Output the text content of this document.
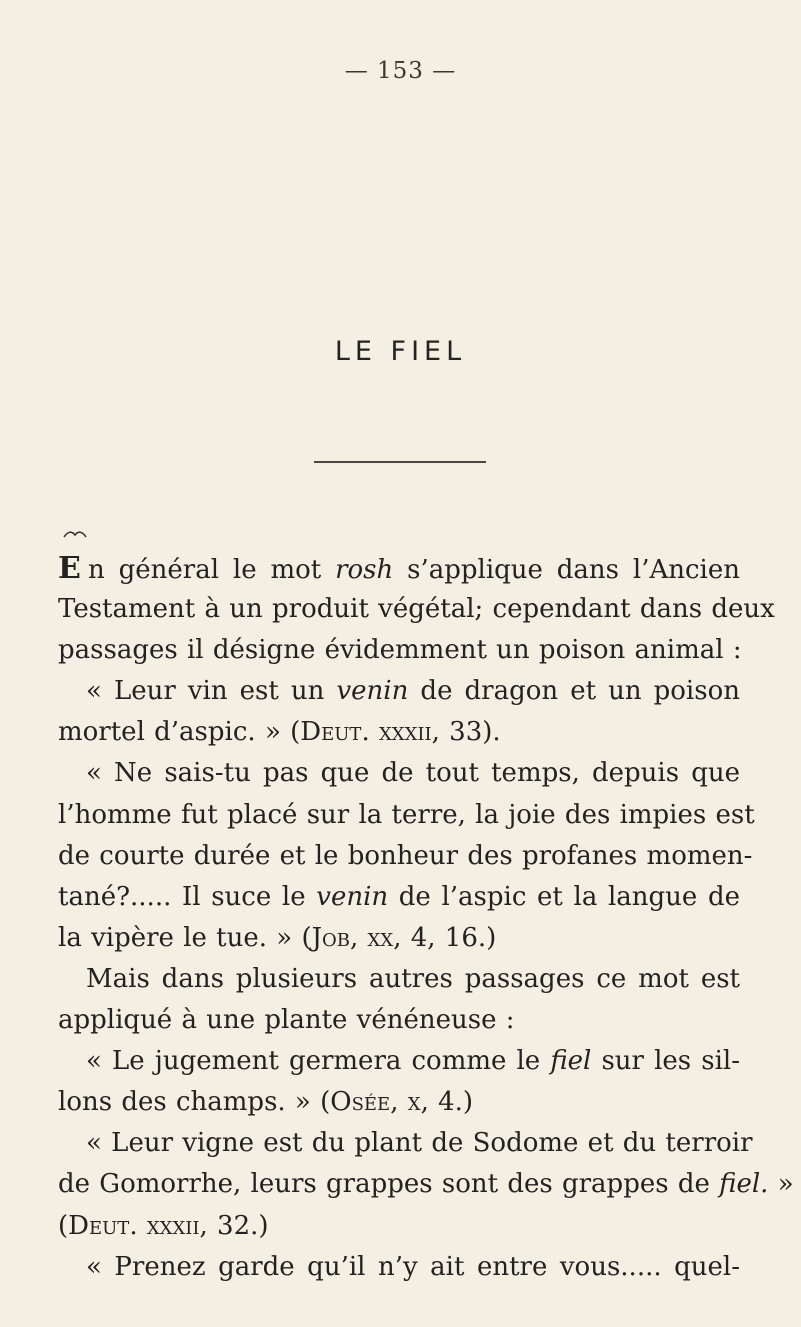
— 153 —
LE FIEL
E n général le mot rosh s’applique dans l’Ancien
Testament à un produit végétal; cependant dans deux
passages il désigne évidemment un poison animal :
« Leur vin est un venin de dragon et un poison
mortel d’aspic. » (Deut. xxxii, 33).
« Ne sais-tu pas que de tout temps, depuis que
l’homme fut placé sur la terre, la joie des impies est
de courte durée et le bonheur des profanes momen-
tané?..... Il suce le venin de l’aspic et la langue de
la vipère le tue. » (Job, xx, 4, 16.)
Mais dans plusieurs autres passages ce mot est
appliqué à une plante vénéneuse :
« Le jugement germera comme le fiel sur les sil-
lons des champs. » (Osée, x, 4.)
« Leur vigne est du plant de Sodome et du terroir
de Gomorrhe, leurs grappes sont des grappes de fiel. »
(Deut. xxxii, 32.)
« Prenez garde qu’il n’y ait entre vous..... quel-
